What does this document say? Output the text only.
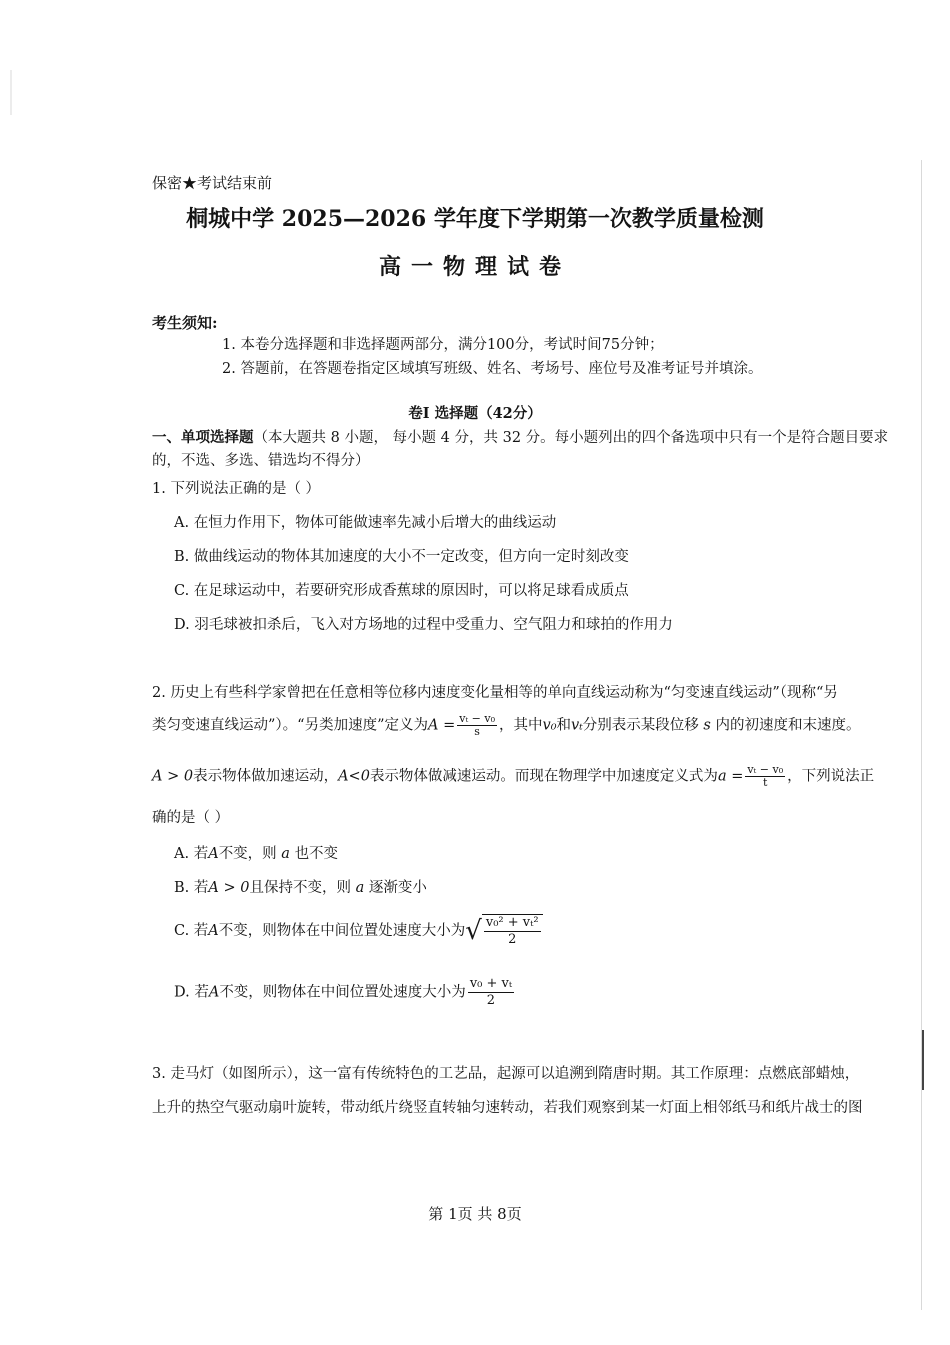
保密★考试结束前
桐城中学 2025—2026 学年度下学期第一次教学质量检测
高一物理试卷
考生须知:
1. 本卷分选择题和非选择题两部分，满分100分，考试时间75分钟；
2. 答题前，在答题卷指定区域填写班级、姓名、考场号、座位号及准考证号并填涂。
卷Ⅰ 选择题（42分）
一、单项选择题（本大题共 8 小题， 每小题 4 分，共 32 分。每小题列出的四个备选项中只有一个是符合题目要求的，不选、多选、错选均不得分）
1. 下列说法正确的是（ ）
A. 在恒力作用下，物体可能做速率先减小后增大的曲线运动
B. 做曲线运动的物体其加速度的大小不一定改变，但方向一定时刻改变
C. 在足球运动中，若要研究形成香蕉球的原因时，可以将足球看成质点
D. 羽毛球被扣杀后，飞入对方场地的过程中受重力、空气阻力和球拍的作用力
2. 历史上有些科学家曾把在任意相等位移内速度变化量相等的单向直线运动称为“匀变速直线运动”（现称“另
类匀变速直线运动”）。“另类加速度”定义为$A = \frac{\text{vₜ − v₀}}{s}$ ，其中v₀和vₜ分别表示某段位移 s 内的初速度和末速度。
A > 0表示物体做加速运动，A<0表示物体做减速运动。而现在物理学中加速度定义式为$a = \frac{\text{vₜ − v₀}}{t}$ ，下列说法正
确的是（ ）
A. 若A不变，则 a 也不变
B. 若A > 0且保持不变，则 a 逐渐变小
C. 若A不变，则物体在中间位置处速度大小为√ $\frac{\text{v₀² + vₜ²}}{2}$
D. 若A不变，则物体在中间位置处速度大小为 $\frac{\text{v₀ + vₜ}}{2}$
3. 走马灯（如图所示），这一富有传统特色的工艺品，起源可以追溯到隋唐时期。其工作原理：点燃底部蜡烛，
上升的热空气驱动扇叶旋转，带动纸片绕竖直转轴匀速转动，若我们观察到某一灯面上相邻纸马和纸片战士的图
第 1页 共 8页
